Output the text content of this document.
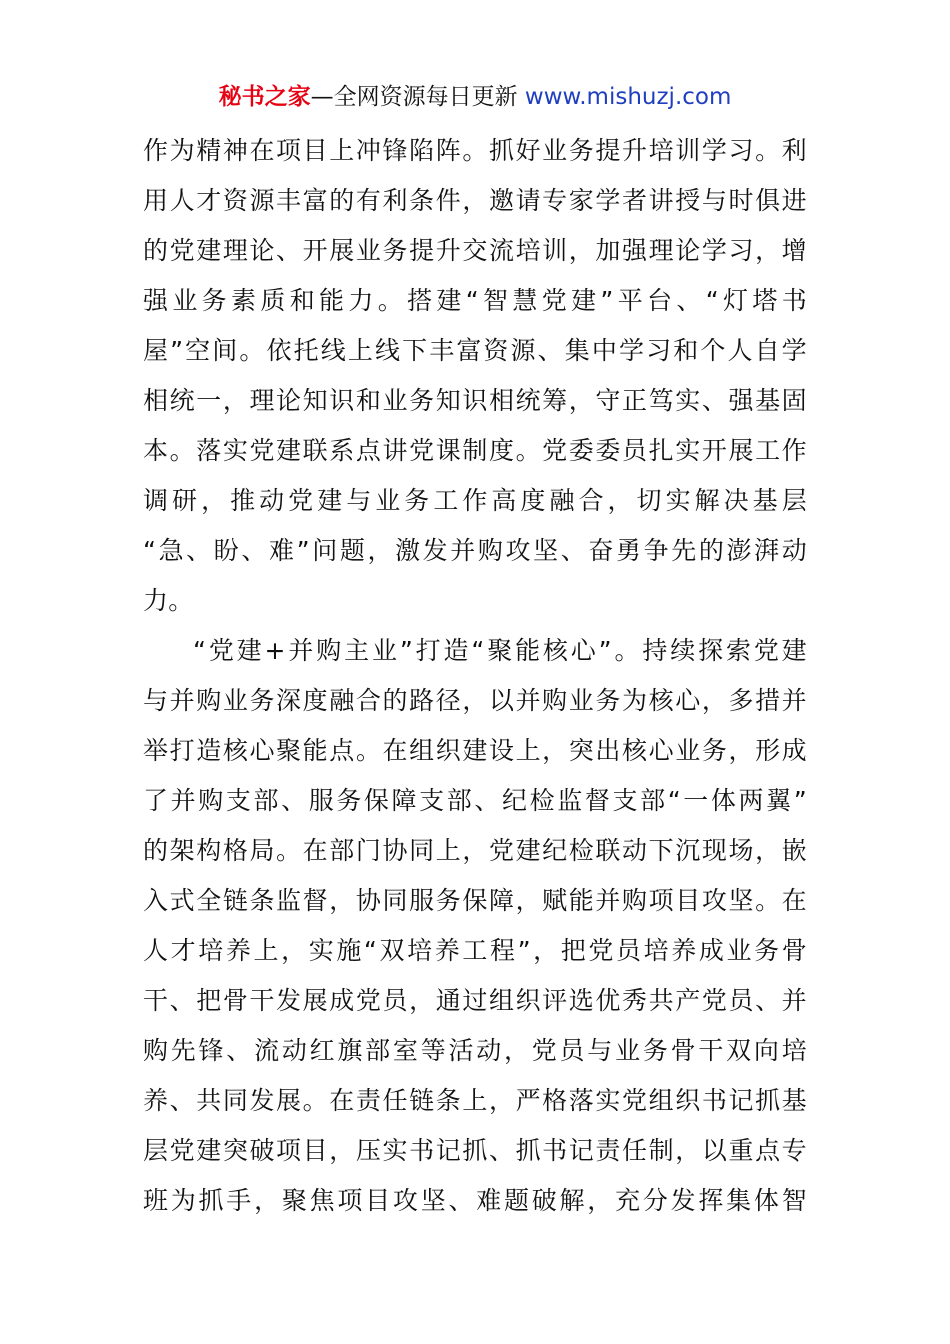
秘书之家—全网资源每日更新 www.mishuzj.com
作为精神在项目上冲锋陷阵。抓好业务提升培训学习。利
用人才资源丰富的有利条件，邀请专家学者讲授与时俱进
的党建理论、开展业务提升交流培训，加强理论学习，增
强业务素质和能力。搭建“智慧党建”平台、“灯塔书
屋”空间。依托线上线下丰富资源、集中学习和个人自学
相统一，理论知识和业务知识相统筹，守正笃实、强基固
本。落实党建联系点讲党课制度。党委委员扎实开展工作
调研，推动党建与业务工作高度融合，切实解决基层
“急、盼、难”问题，激发并购攻坚、奋勇争先的澎湃动
力。
“党建+并购主业”打造“聚能核心”。持续探索党建
与并购业务深度融合的路径，以并购业务为核心，多措并
举打造核心聚能点。在组织建设上，突出核心业务，形成
了并购支部、服务保障支部、纪检监督支部“一体两翼”
的架构格局。在部门协同上，党建纪检联动下沉现场，嵌
入式全链条监督，协同服务保障，赋能并购项目攻坚。在
人才培养上，实施“双培养工程”，把党员培养成业务骨
干、把骨干发展成党员，通过组织评选优秀共产党员、并
购先锋、流动红旗部室等活动，党员与业务骨干双向培
养、共同发展。在责任链条上，严格落实党组织书记抓基
层党建突破项目，压实书记抓、抓书记责任制，以重点专
班为抓手，聚焦项目攻坚、难题破解，充分发挥集体智
